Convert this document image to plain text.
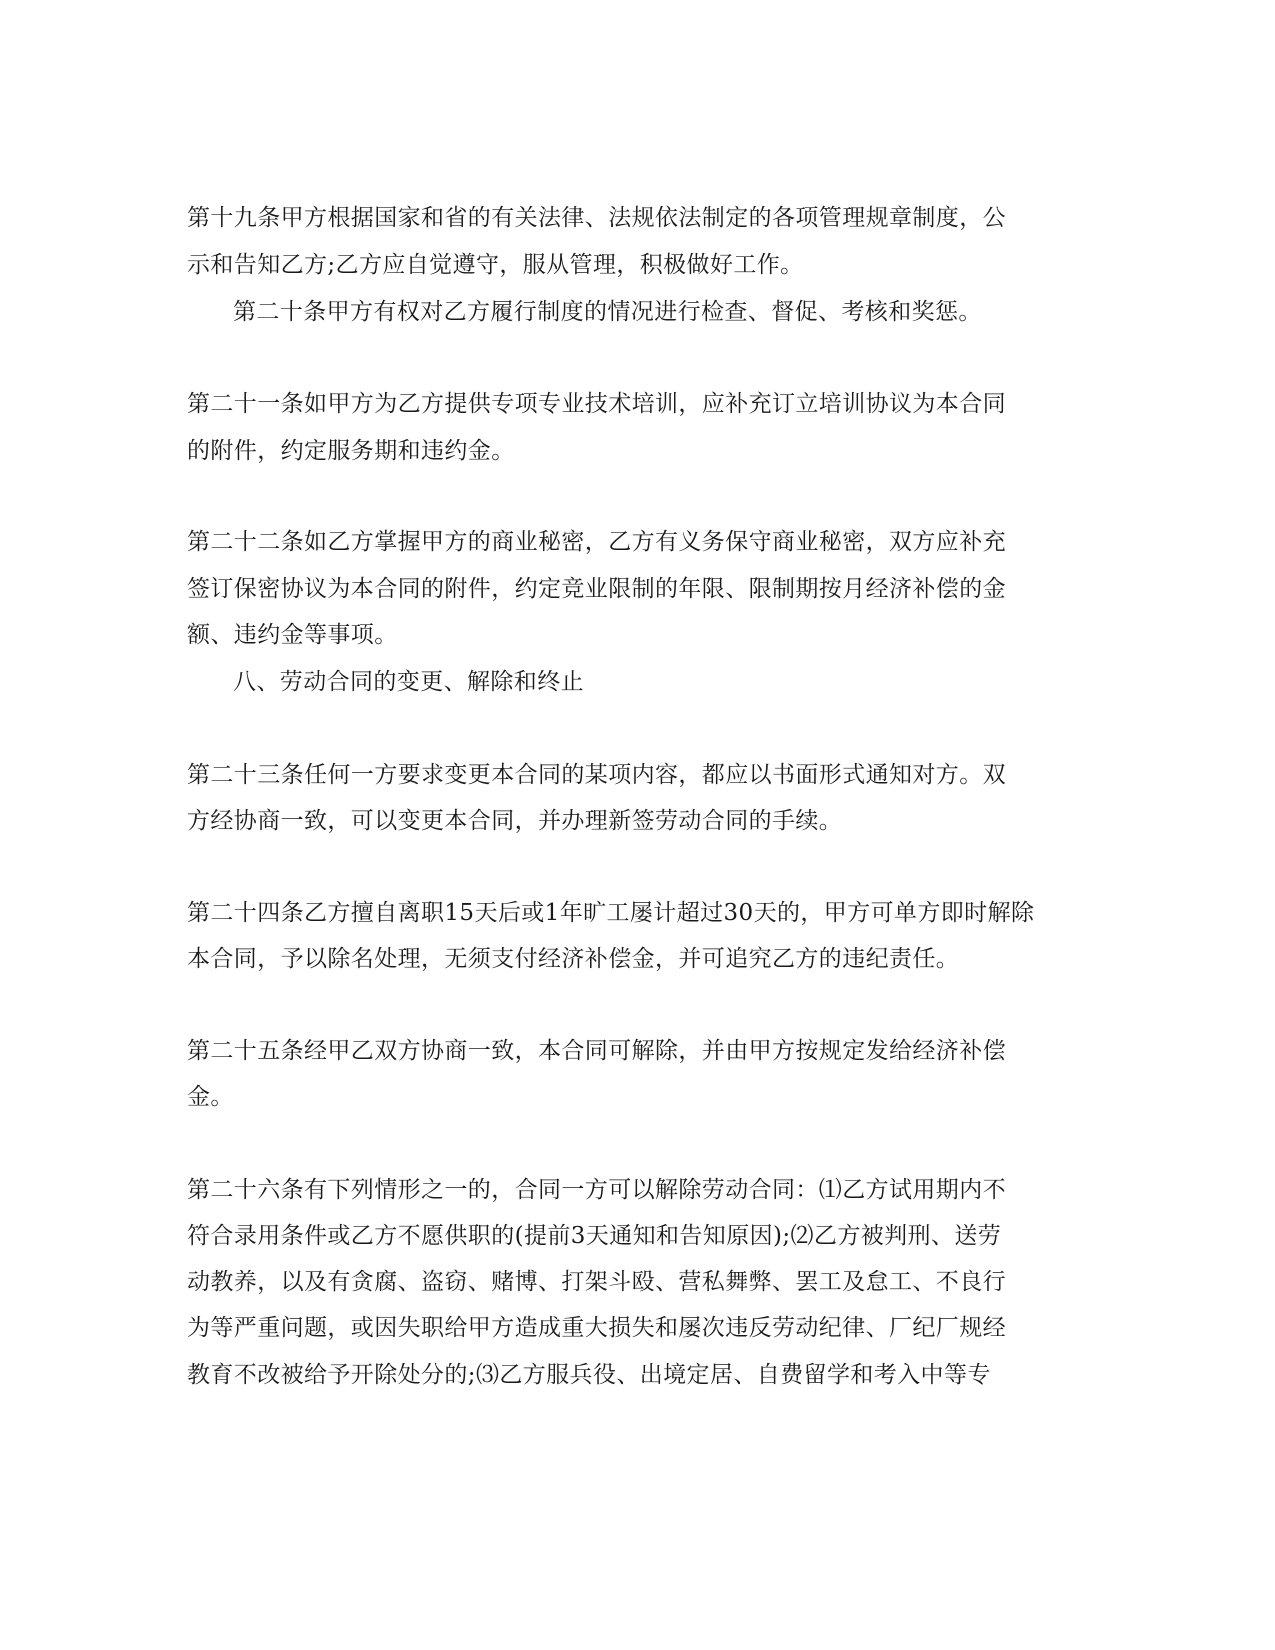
第十九条甲方根据国家和省的有关法律、法规依法制定的各项管理规章制度，公
示和告知乙方;乙方应自觉遵守，服从管理，积极做好工作。
第二十条甲方有权对乙方履行制度的情况进行检查、督促、考核和奖惩。
第二十一条如甲方为乙方提供专项专业技术培训，应补充订立培训协议为本合同
的附件，约定服务期和违约金。
第二十二条如乙方掌握甲方的商业秘密，乙方有义务保守商业秘密，双方应补充
签订保密协议为本合同的附件，约定竞业限制的年限、限制期按月经济补偿的金
额、违约金等事项。
八、劳动合同的变更、解除和终止
第二十三条任何一方要求变更本合同的某项内容，都应以书面形式通知对方。双
方经协商一致，可以变更本合同，并办理新签劳动合同的手续。
第二十四条乙方擅自离职15天后或1年旷工屡计超过30天的，甲方可单方即时解除
本合同，予以除名处理，无须支付经济补偿金，并可追究乙方的违纪责任。
第二十五条经甲乙双方协商一致，本合同可解除，并由甲方按规定发给经济补偿
金。
第二十六条有下列情形之一的，合同一方可以解除劳动合同：⑴乙方试用期内不
符合录用条件或乙方不愿供职的(提前3天通知和告知原因);⑵乙方被判刑、送劳
动教养，以及有贪腐、盗窃、赌博、打架斗殴、营私舞弊、罢工及怠工、不良行
为等严重问题，或因失职给甲方造成重大损失和屡次违反劳动纪律、厂纪厂规经
教育不改被给予开除处分的;⑶乙方服兵役、出境定居、自费留学和考入中等专
